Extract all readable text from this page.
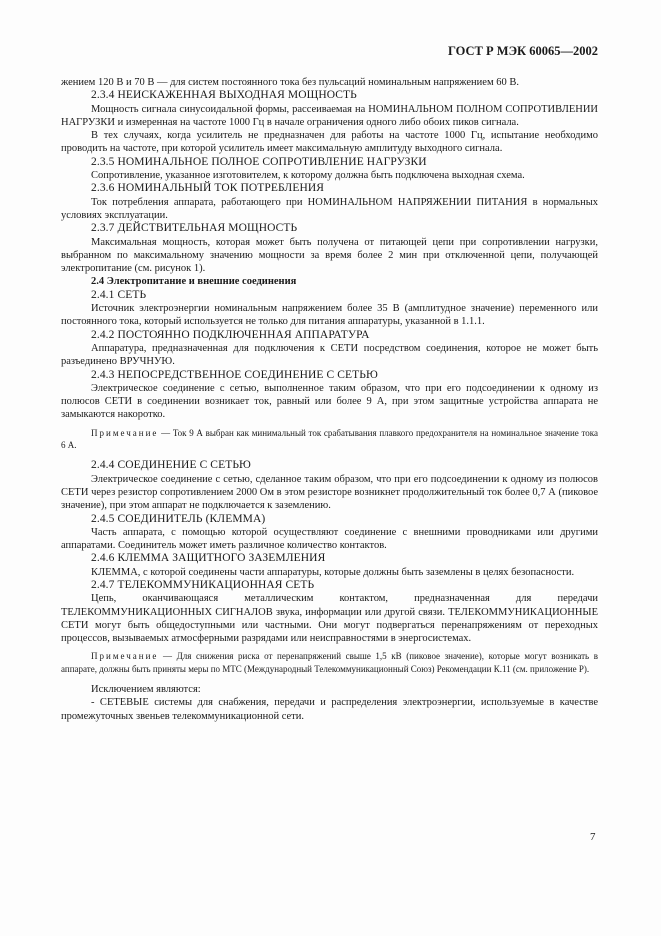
ГОСТ Р МЭК 60065—2002

жением 120 В и 70 В — для систем постоянного тока без пульсаций номинальным напряжением 60 В.

2.3.4 НЕИСКАЖЕННАЯ ВЫХОДНАЯ МОЩНОСТЬ

Мощность сигнала синусоидальной формы, рассеиваемая на НОМИНАЛЬНОМ ПОЛНОМ СОПРОТИВЛЕНИИ НАГРУЗКИ и измеренная на частоте 1000 Гц в начале ограничения одного либо обоих пиков сигнала.

В тех случаях, когда усилитель не предназначен для работы на частоте 1000 Гц, испытание необходимо проводить на частоте, при которой усилитель имеет максимальную амплитуду выходного сигнала.

2.3.5 НОМИНАЛЬНОЕ ПОЛНОЕ СОПРОТИВЛЕНИЕ НАГРУЗКИ

Сопротивление, указанное изготовителем, к которому должна быть подключена выходная схема.

2.3.6 НОМИНАЛЬНЫЙ ТОК ПОТРЕБЛЕНИЯ

Ток потребления аппарата, работающего при НОМИНАЛЬНОМ НАПРЯЖЕНИИ ПИТАНИЯ в нормальных условиях эксплуатации.

2.3.7 ДЕЙСТВИТЕЛЬНАЯ МОЩНОСТЬ

Максимальная мощность, которая может быть получена от питающей цепи при сопротивлении нагрузки, выбранном по максимальному значению мощности за время более 2 мин при отключенной цепи, получающей электропитание (см. рисунок 1).

2.4 Электропитание и внешние соединения

2.4.1 СЕТЬ

Источник электроэнергии номинальным напряжением более 35 В (амплитудное значение) переменного или постоянного тока, который используется не только для питания аппаратуры, указанной в 1.1.1.

2.4.2 ПОСТОЯННО ПОДКЛЮЧЕННАЯ АППАРАТУРА

Аппаратура, предназначенная для подключения к СЕТИ посредством соединения, которое не может быть разъединено ВРУЧНУЮ.

2.4.3 НЕПОСРЕДСТВЕННОЕ СОЕДИНЕНИЕ С СЕТЬЮ

Электрическое соединение с сетью, выполненное таким образом, что при его подсоединении к одному из полюсов СЕТИ в соединении возникает ток, равный или более 9 А, при этом защитные устройства аппарата не замыкаются накоротко.

Примечание — Ток 9 А выбран как минимальный ток срабатывания плавкого предохранителя на номинальное значение тока 6 А.

2.4.4 СОЕДИНЕНИЕ С СЕТЬЮ

Электрическое соединение с сетью, сделанное таким образом, что при его подсоединении к одному из полюсов СЕТИ через резистор сопротивлением 2000 Ом в этом резисторе возникнет продолжительный ток более 0,7 А (пиковое значение), при этом аппарат не подключается к заземлению.

2.4.5 СОЕДИНИТЕЛЬ (КЛЕММА)

Часть аппарата, с помощью которой осуществляют соединение с внешними проводниками или другими аппаратами. Соединитель может иметь различное количество контактов.

2.4.6 КЛЕММА ЗАЩИТНОГО ЗАЗЕМЛЕНИЯ

КЛЕММА, с которой соединены части аппаратуры, которые должны быть заземлены в целях безопасности.

2.4.7 ТЕЛЕКОММУНИКАЦИОННАЯ СЕТЬ

Цепь, оканчивающаяся металлическим контактом, предназначенная для передачи ТЕЛЕКОММУНИКАЦИОННЫХ СИГНАЛОВ звука, информации или другой связи. ТЕЛЕКОММУНИКАЦИОННЫЕ СЕТИ могут быть общедоступными или частными. Они могут подвергаться перенапряжениям от переходных процессов, вызываемых атмосферными разрядами или неисправностями в энергосистемах.

Примечание — Для снижения риска от перенапряжений свыше 1,5 кВ (пиковое значение), которые могут возникать в аппарате, должны быть приняты меры по МТС (Международный Телекоммуникационный Союз) Рекомендации К.11 (см. приложение Р).

Исключением являются:

- СЕТЕВЫЕ системы для снабжения, передачи и распределения электроэнергии, используемые в качестве промежуточных звеньев телекоммуникационной сети.

7
